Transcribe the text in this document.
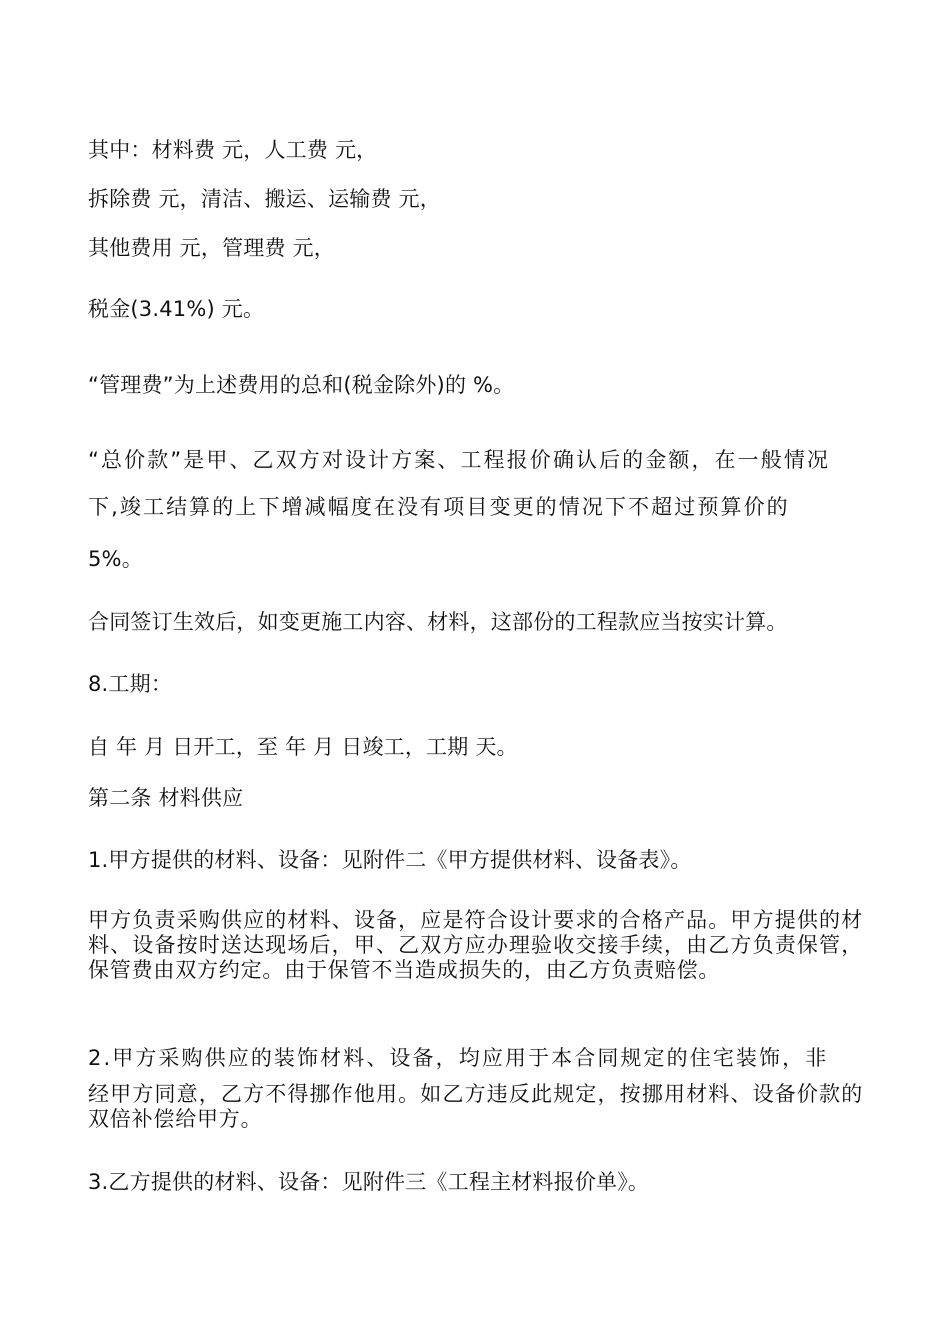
其中：材料费 元，人工费 元，

拆除费 元，清洁、搬运、运输费 元，

其他费用 元，管理费 元，

税金(3.41%) 元。

“管理费”为上述费用的总和(税金除外)的 %。

“总价款”是甲、乙双方对设计方案、工程报价确认后的金额，在一般情况

下,竣工结算的上下增减幅度在没有项目变更的情况下不超过预算价的

5%。

合同签订生效后，如变更施工内容、材料，这部份的工程款应当按实计算。

8.工期：

自 年 月 日开工，至 年 月 日竣工，工期 天。

第二条 材料供应

1.甲方提供的材料、设备：见附件二《甲方提供材料、设备表》。

甲方负责采购供应的材料、设备，应是符合设计要求的合格产品。甲方提供的材料、设备按时送达现场后，甲、乙双方应办理验收交接手续，由乙方负责保管，保管费由双方约定。由于保管不当造成损失的，由乙方负责赔偿。

2.甲方采购供应的装饰材料、设备，均应用于本合同规定的住宅装饰，非

经甲方同意，乙方不得挪作他用。如乙方违反此规定，按挪用材料、设备价款的双倍补偿给甲方。

3.乙方提供的材料、设备：见附件三《工程主材料报价单》。
